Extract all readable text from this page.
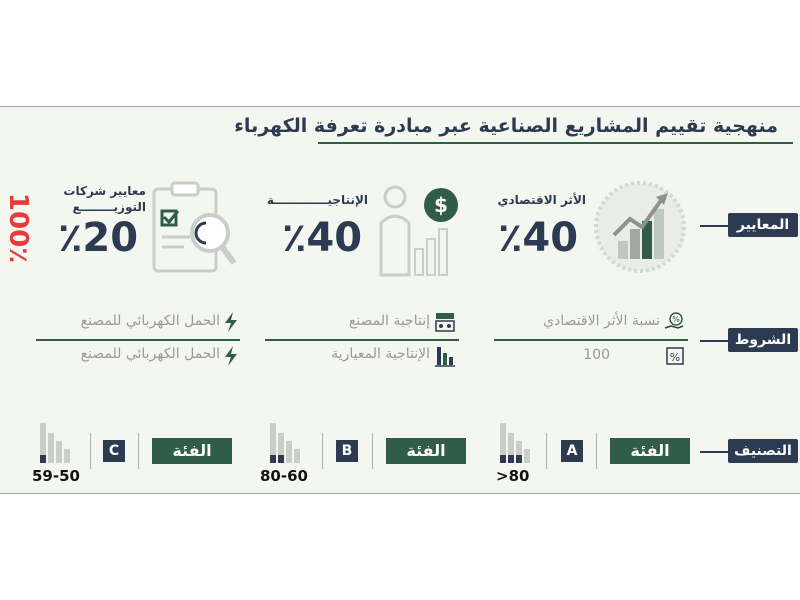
منهجية تقييم المشاريع الصناعية عبر مبادرة تعرفة الكهرباء
100٪	المعايير
الأثر الاقتصادي
٪40
$
الإنتاجيـــــــــــــة
٪40
معايير شركات التوزيــــــــع
٪20
الشروط
نسبة الأثر الاقتصادي %
100	%
إنتاجية المصنع
الإنتاجية المعيارية
الحمل الكهربائي للمصنع
الحمل الكهربائي للمصنع
التصنيف
الفئة
A
>80
الفئة
B
80-60
الفئة
C
59-50
